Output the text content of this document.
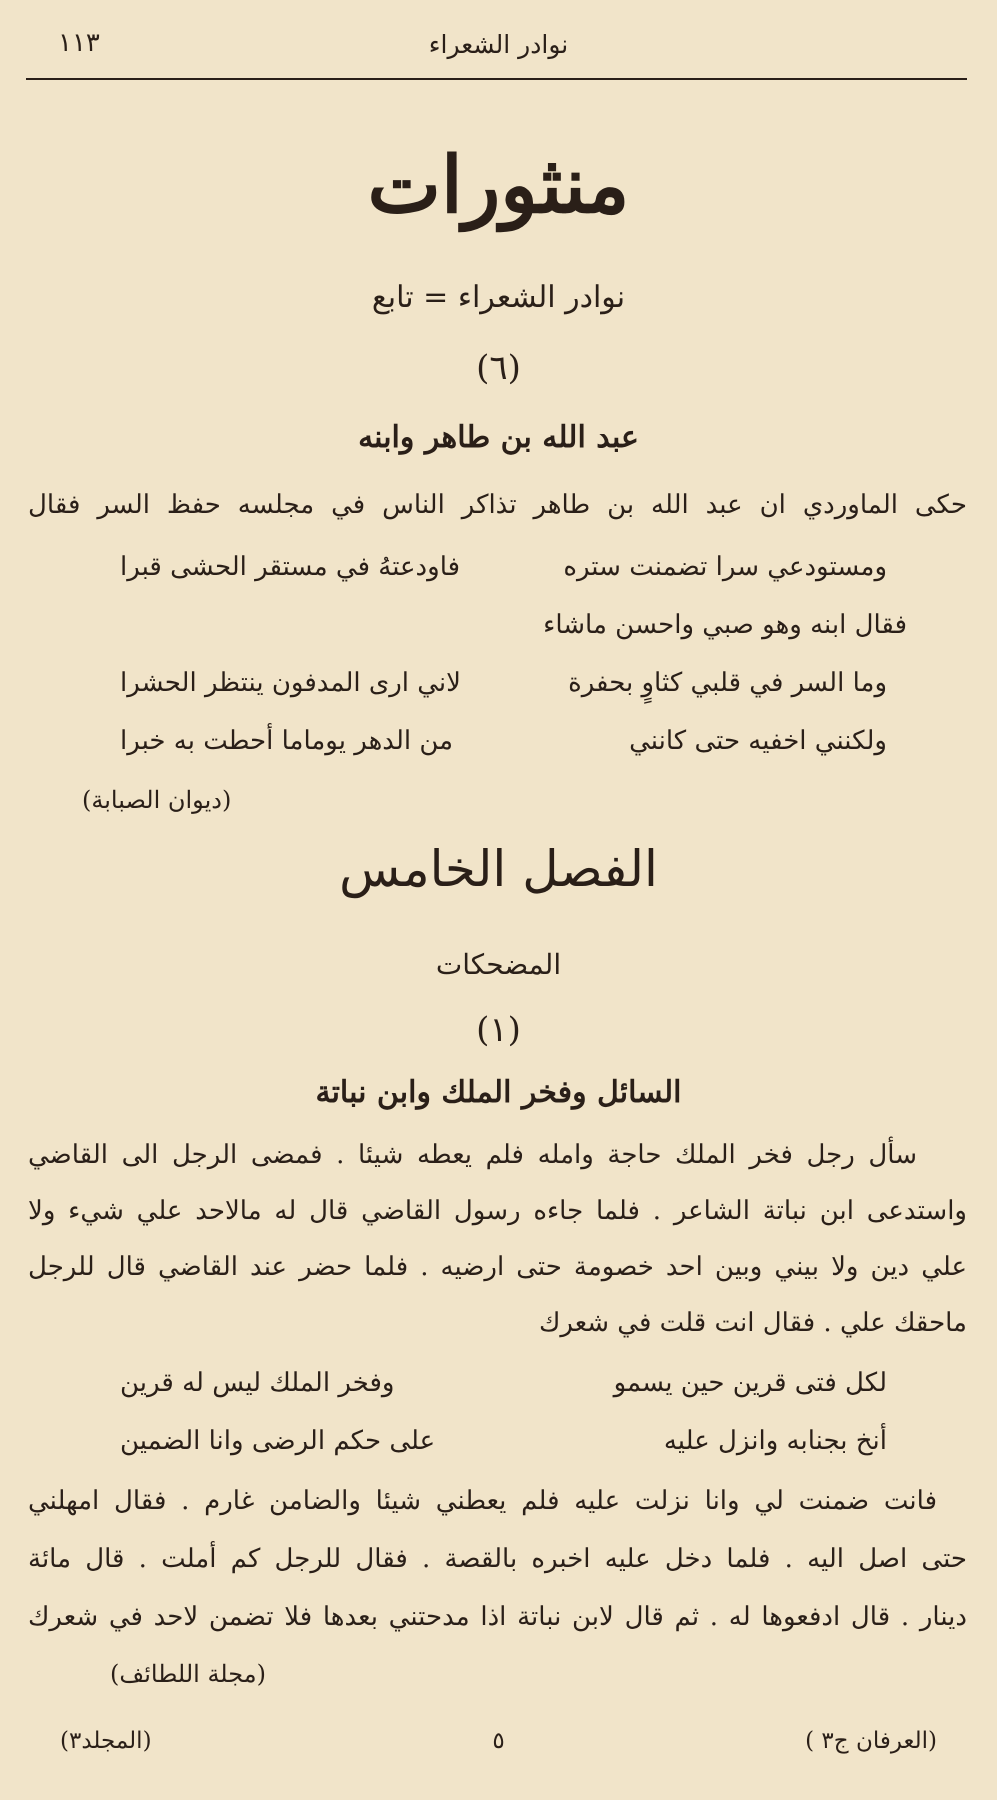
١١٣	نوادر الشعراء
منثورات
نوادر الشعراء = تابع
(٦)
عبد الله بن طاهر وابنه
حكى الماوردي ان عبد الله بن طاهر تذاكر الناس في مجلسه حفظ السر فقال
ومستودعي سرا تضمنت ستره
فاودعتهُ في مستقر الحشى قبرا
فقال ابنه وهو صبي واحسن ماشاء
وما السر في قلبي كثاوٍ بحفرة
لاني ارى المدفون ينتظر الحشرا
ولكنني اخفيه حتى كانني
من الدهر يوماما أحطت به خبرا
(ديوان الصبابة)
الفصل الخامس
المضحكات
(١)
السائل وفخر الملك وابن نباتة
سأل رجل فخر الملك حاجة وامله فلم يعطه شيئا . فمضى الرجل الى القاضي
واستدعى ابن نباتة الشاعر . فلما جاءه رسول القاضي قال له مالاحد علي شيء ولا
علي دين ولا بيني وبين احد خصومة حتى ارضيه . فلما حضر عند القاضي قال للرجل
ماحقك علي . فقال انت قلت في شعرك
لكل فتى قرين حين يسمو
وفخر الملك ليس له قرين
أنخ بجنابه وانزل عليه
على حكم الرضى وانا الضمين
فانت ضمنت لي وانا نزلت عليه فلم يعطني شيئا والضامن غارم . فقال امهلني
حتى اصل اليه . فلما دخل عليه اخبره بالقصة . فقال للرجل كم أملت . قال مائة
دينار . قال ادفعوها له . ثم قال لابن نباتة اذا مدحتني بعدها فلا تضمن لاحد في شعرك
(مجلة اللطائف)
(العرفان ج٣ )
٥
(المجلد٣)
